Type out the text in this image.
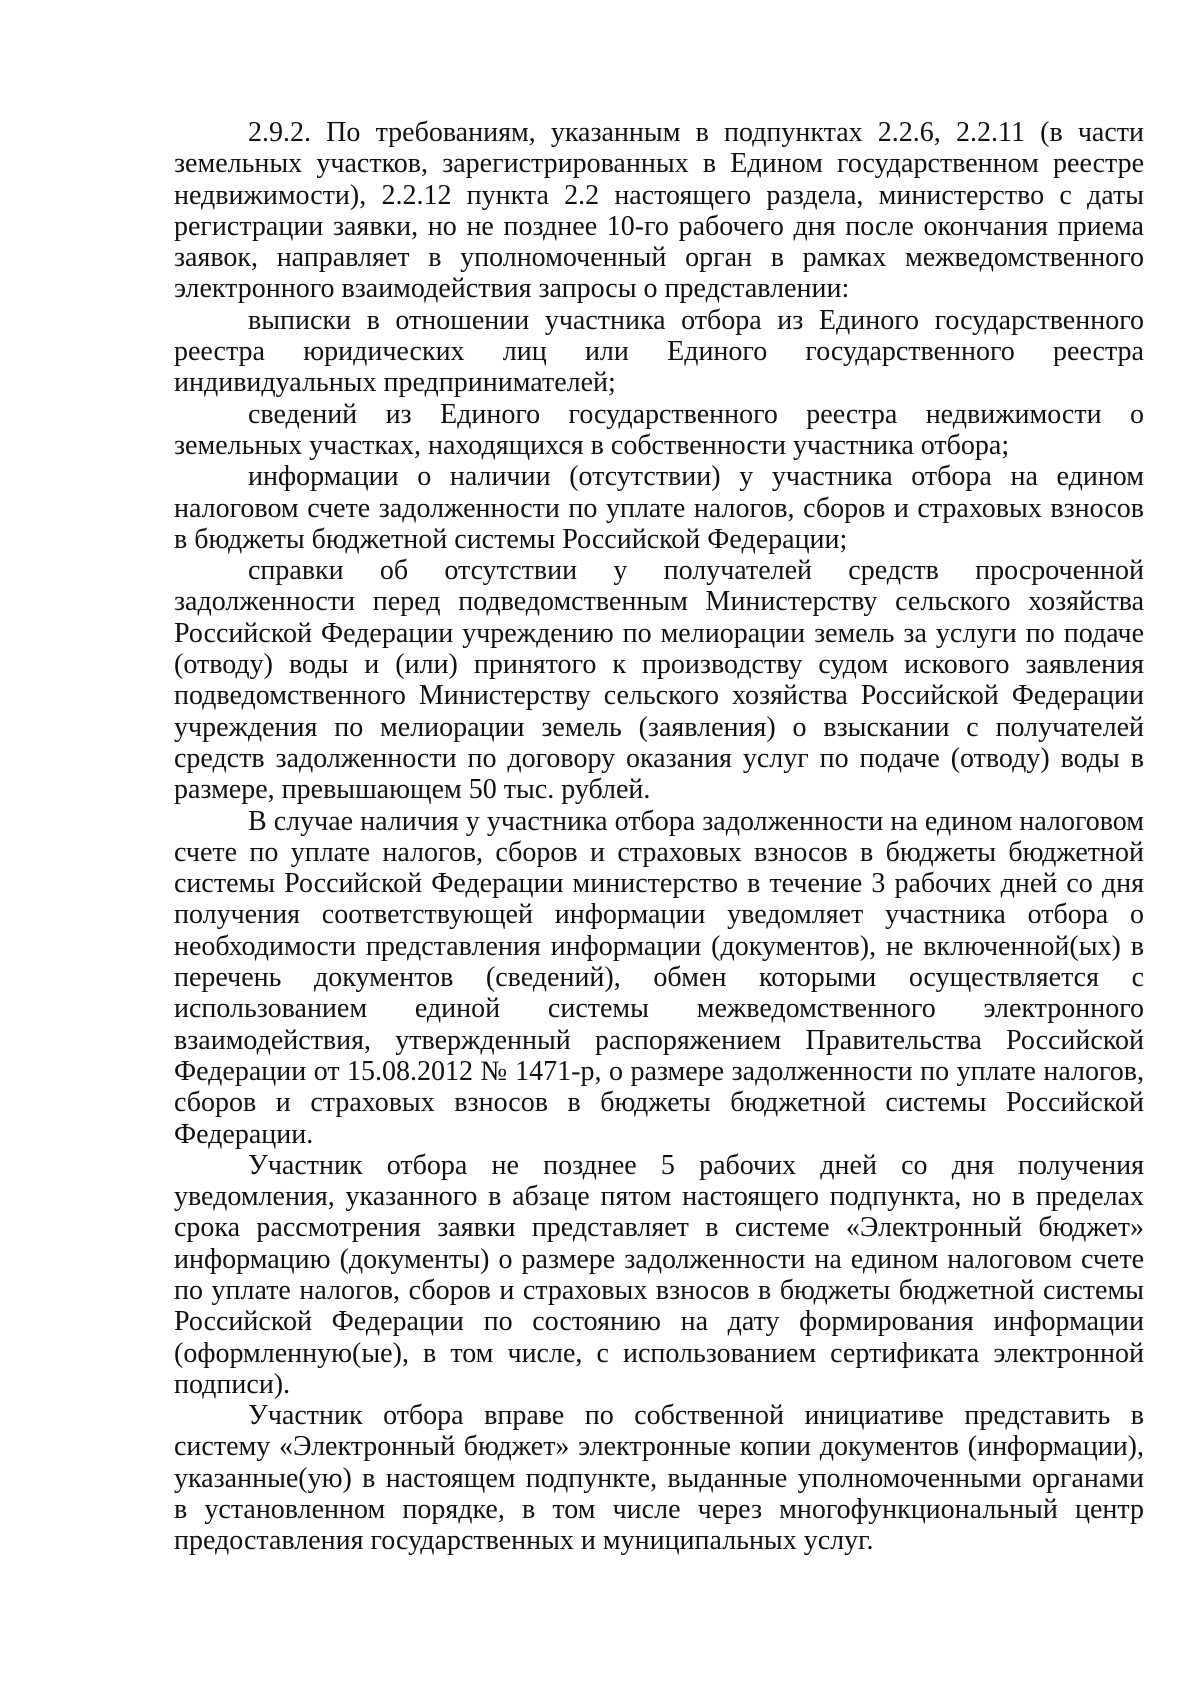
2.9.2. По требованиям, указанным в подпунктах 2.2.6, 2.2.11 (в части земельных участков, зарегистрированных в Едином государственном реестре недвижимости), 2.2.12 пункта 2.2 настоящего раздела, министерство с даты регистрации заявки, но не позднее 10-го рабочего дня после окончания приема заявок, направляет в уполномоченный орган в рамках межведомственного электронного взаимодействия запросы о представлении:

выписки в отношении участника отбора из Единого государственного реестра юридических лиц или Единого государственного реестра индивидуальных предпринимателей;

сведений из Единого государственного реестра недвижимости о земельных участках, находящихся в собственности участника отбора;

информации о наличии (отсутствии) у участника отбора на едином налоговом счете задолженности по уплате налогов, сборов и страховых взносов в бюджеты бюджетной системы Российской Федерации;

справки об отсутствии у получателей средств просроченной задолженности перед подведомственным Министерству сельского хозяйства Российской Федерации учреждению по мелиорации земель за услуги по подаче (отводу) воды и (или) принятого к производству судом искового заявления подведомственного Министерству сельского хозяйства Российской Федерации учреждения по мелиорации земель (заявления) о взыскании с получателей средств задолженности по договору оказания услуг по подаче (отводу) воды в размере, превышающем 50 тыс. рублей.

В случае наличия у участника отбора задолженности на едином налоговом счете по уплате налогов, сборов и страховых взносов в бюджеты бюджетной системы Российской Федерации министерство в течение 3 рабочих дней со дня получения соответствующей информации уведомляет участника отбора о необходимости представления информации (документов), не включенной(ых) в перечень документов (сведений), обмен которыми осуществляется с использованием единой системы межведомственного электронного взаимодействия, утвержденный распоряжением Правительства Российской Федерации от 15.08.2012 № 1471-р, о размере задолженности по уплате налогов, сборов и страховых взносов в бюджеты бюджетной системы Российской Федерации.

Участник отбора не позднее 5 рабочих дней со дня получения уведомления, указанного в абзаце пятом настоящего подпункта, но в пределах срока рассмотрения заявки представляет в системе «Электронный бюджет» информацию (документы) о размере задолженности на едином налоговом счете по уплате налогов, сборов и страховых взносов в бюджеты бюджетной системы Российской Федерации по состоянию на дату формирования информации (оформленную(ые), в том числе, с использованием сертификата электронной подписи).

Участник отбора вправе по собственной инициативе представить в систему «Электронный бюджет» электронные копии документов (информации), указанные(ую) в настоящем подпункте, выданные уполномоченными органами в установленном порядке, в том числе через многофункциональный центр предоставления государственных и муниципальных услуг.
